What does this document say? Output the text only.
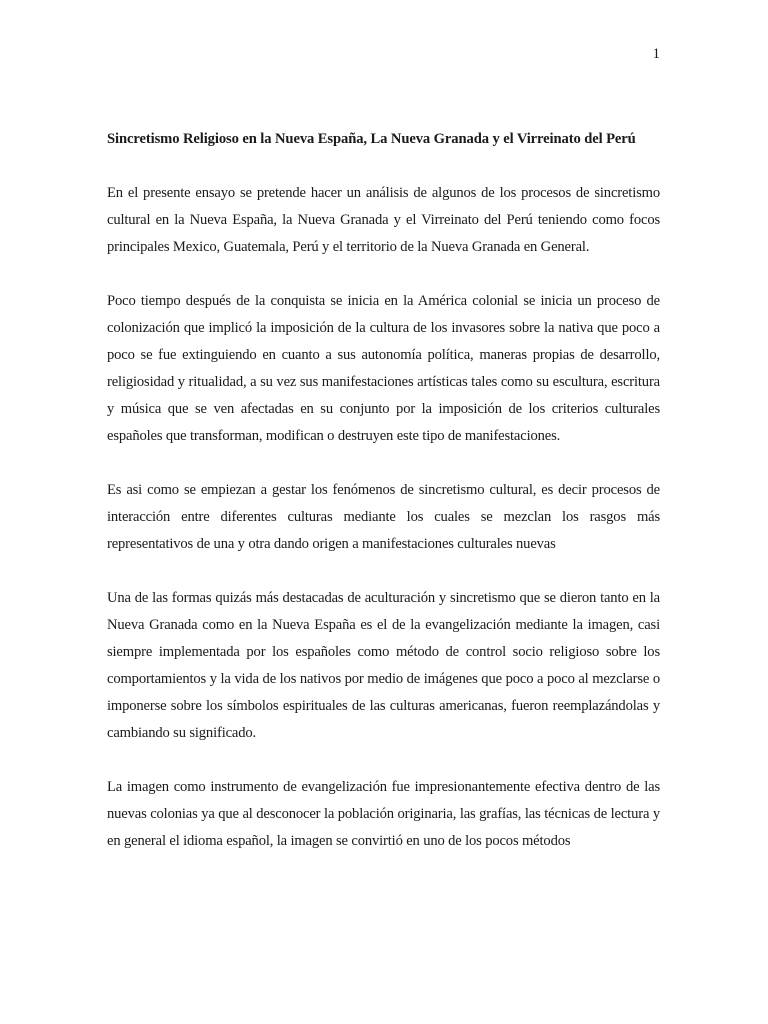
1

Sincretismo Religioso en la Nueva España, La Nueva Granada y el Virreinato del Perú

En el presente ensayo se pretende hacer un análisis de algunos de los procesos de sincretismo cultural en la Nueva España, la Nueva Granada y el Virreinato del Perú teniendo como focos principales Mexico, Guatemala, Perú y el territorio de la Nueva Granada en General.

Poco tiempo después de la conquista se inicia en la América colonial se inicia un proceso de colonización que implicó la imposición de la cultura de los invasores sobre la nativa que poco a poco se fue extinguiendo en cuanto a sus autonomía política, maneras propias de desarrollo, religiosidad y ritualidad, a su vez sus manifestaciones artísticas tales como su escultura, escritura y música que se ven afectadas en su conjunto por la imposición de los criterios culturales españoles que transforman, modifican o destruyen este tipo de manifestaciones.

Es asi como se empiezan a gestar los fenómenos de sincretismo cultural, es decir procesos de interacción entre diferentes culturas mediante los cuales se mezclan los rasgos más representativos de una y otra dando origen a manifestaciones culturales nuevas

Una de las formas quizás más destacadas de aculturación y sincretismo que se dieron tanto en la Nueva Granada como en la Nueva España es el de la evangelización mediante la imagen, casi siempre implementada por los españoles como método de control socio religioso sobre los comportamientos y la vida de los nativos por medio de imágenes que poco a poco al mezclarse o imponerse sobre los símbolos espirituales de las culturas americanas, fueron reemplazándolas y cambiando su significado.

La imagen como instrumento de evangelización fue impresionantemente efectiva dentro de las nuevas colonias ya que al desconocer la población originaria, las grafías, las técnicas de lectura y en general el idioma español, la imagen se convirtió en uno de los pocos métodos
